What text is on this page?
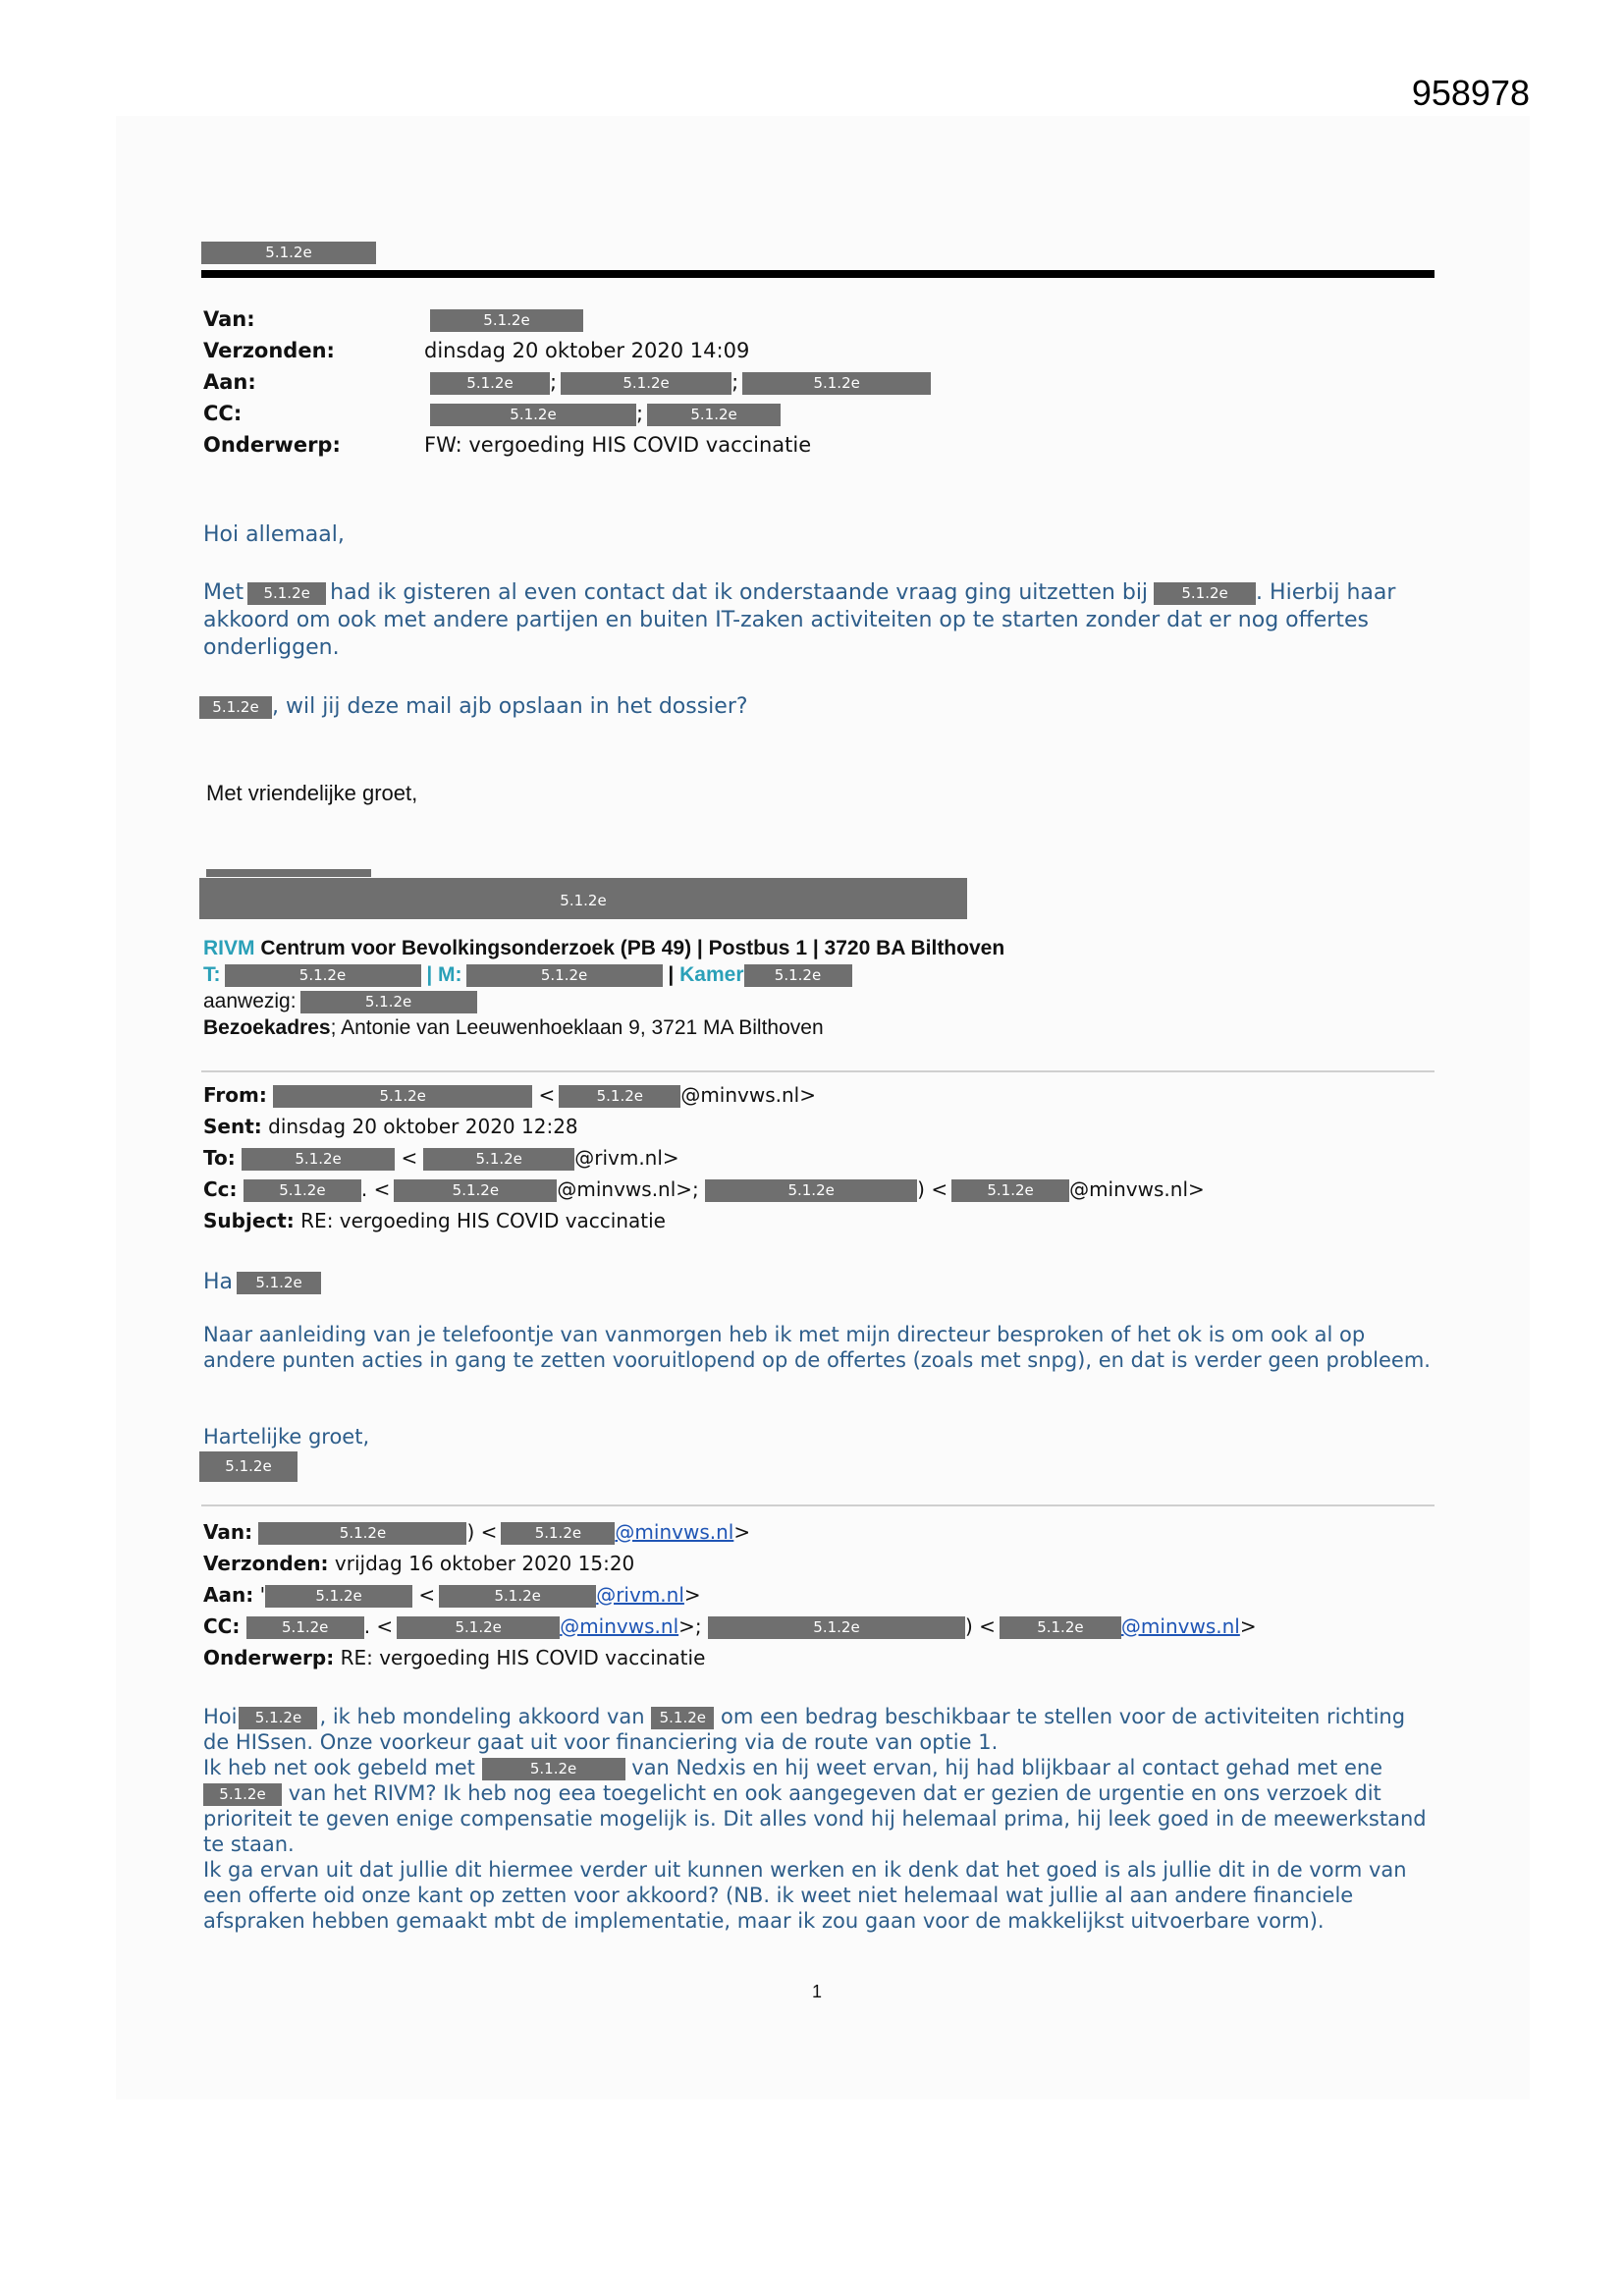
958978
5.1.2e
Van:	5.1.2e
Verzonden:	dinsdag 20 oktober 2020 14:09
Aan:	5.1.2e ;	5.1.2e	;	5.1.2e
CC:	5.1.2e	;	5.1.2e
Onderwerp:	FW: vergoeding HIS COVID vaccinatie
Hoi allemaal,
Met 5.1.2e had ik gisteren al even contact dat ik onderstaande vraag ging uitzetten bij 5.1.2e . Hierbij haar akkoord om ook met andere partijen en buiten IT-zaken activiteiten op te starten zonder dat er nog offertes onderliggen.
5.1.2e , wil jij deze mail ajb opslaan in het dossier?
Met vriendelijke groet,
5.1.2e
RIVM Centrum voor Bevolkingsonderzoek (PB 49) | Postbus 1 | 3720 BA Bilthoven
T:	5.1.2e	| M:	5.1.2e	| Kamer 5.1.2e
aanwezig:	5.1.2e
Bezoekadres; Antonie van Leeuwenhoeklaan 9, 3721 MA Bilthoven
From:	5.1.2e	<	5.1.2e @minvws.nl>
Sent: dinsdag 20 oktober 2020 12:28
To:	5.1.2e	<	5.1.2e	@rivm.nl>
Cc:	5.1.2e . <	5.1.2e	@minvws.nl>;	5.1.2e	) <	5.1.2e @minvws.nl>
Subject: RE: vergoeding HIS COVID vaccinatie
Ha 5.1.2e
Naar aanleiding van je telefoontje van vanmorgen heb ik met mijn directeur besproken of het ok is om ook al op andere punten acties in gang te zetten vooruitlopend op de offertes (zoals met snpg), en dat is verder geen probleem.
Hartelijke groet,
5.1.2e
Van:	5.1.2e	) <	5.1.2e @minvws.nl>
Verzonden: vrijdag 16 oktober 2020 15:20
Aan: '	5.1.2e	<	5.1.2e	@rivm.nl>
CC:	5.1.2e . <	5.1.2e	@minvws.nl>;	5.1.2e	) <	5.1.2e @minvws.nl>
Onderwerp: RE: vergoeding HIS COVID vaccinatie
Hoi 5.1.2e , ik heb mondeling akkoord van 5.1.2e om een bedrag beschikbaar te stellen voor de activiteiten richting
de HISsen. Onze voorkeur gaat uit voor financiering via de route van optie 1.
Ik heb net ook gebeld met	5.1.2e	van Nedxis en hij weet ervan, hij had blijkbaar al contact gehad met ene
5.1.2e van het RIVM? Ik heb nog eea toegelicht en ook aangegeven dat er gezien de urgentie en ons verzoek dit prioriteit te geven enige compensatie mogelijk is. Dit alles vond hij helemaal prima, hij leek goed in de meewerkstand te staan.
Ik ga ervan uit dat jullie dit hiermee verder uit kunnen werken en ik denk dat het goed is als jullie dit in de vorm van een offerte oid onze kant op zetten voor akkoord? (NB. ik weet niet helemaal wat jullie al aan andere financiele afspraken hebben gemaakt mbt de implementatie, maar ik zou gaan voor de makkelijkst uitvoerbare vorm).
1
